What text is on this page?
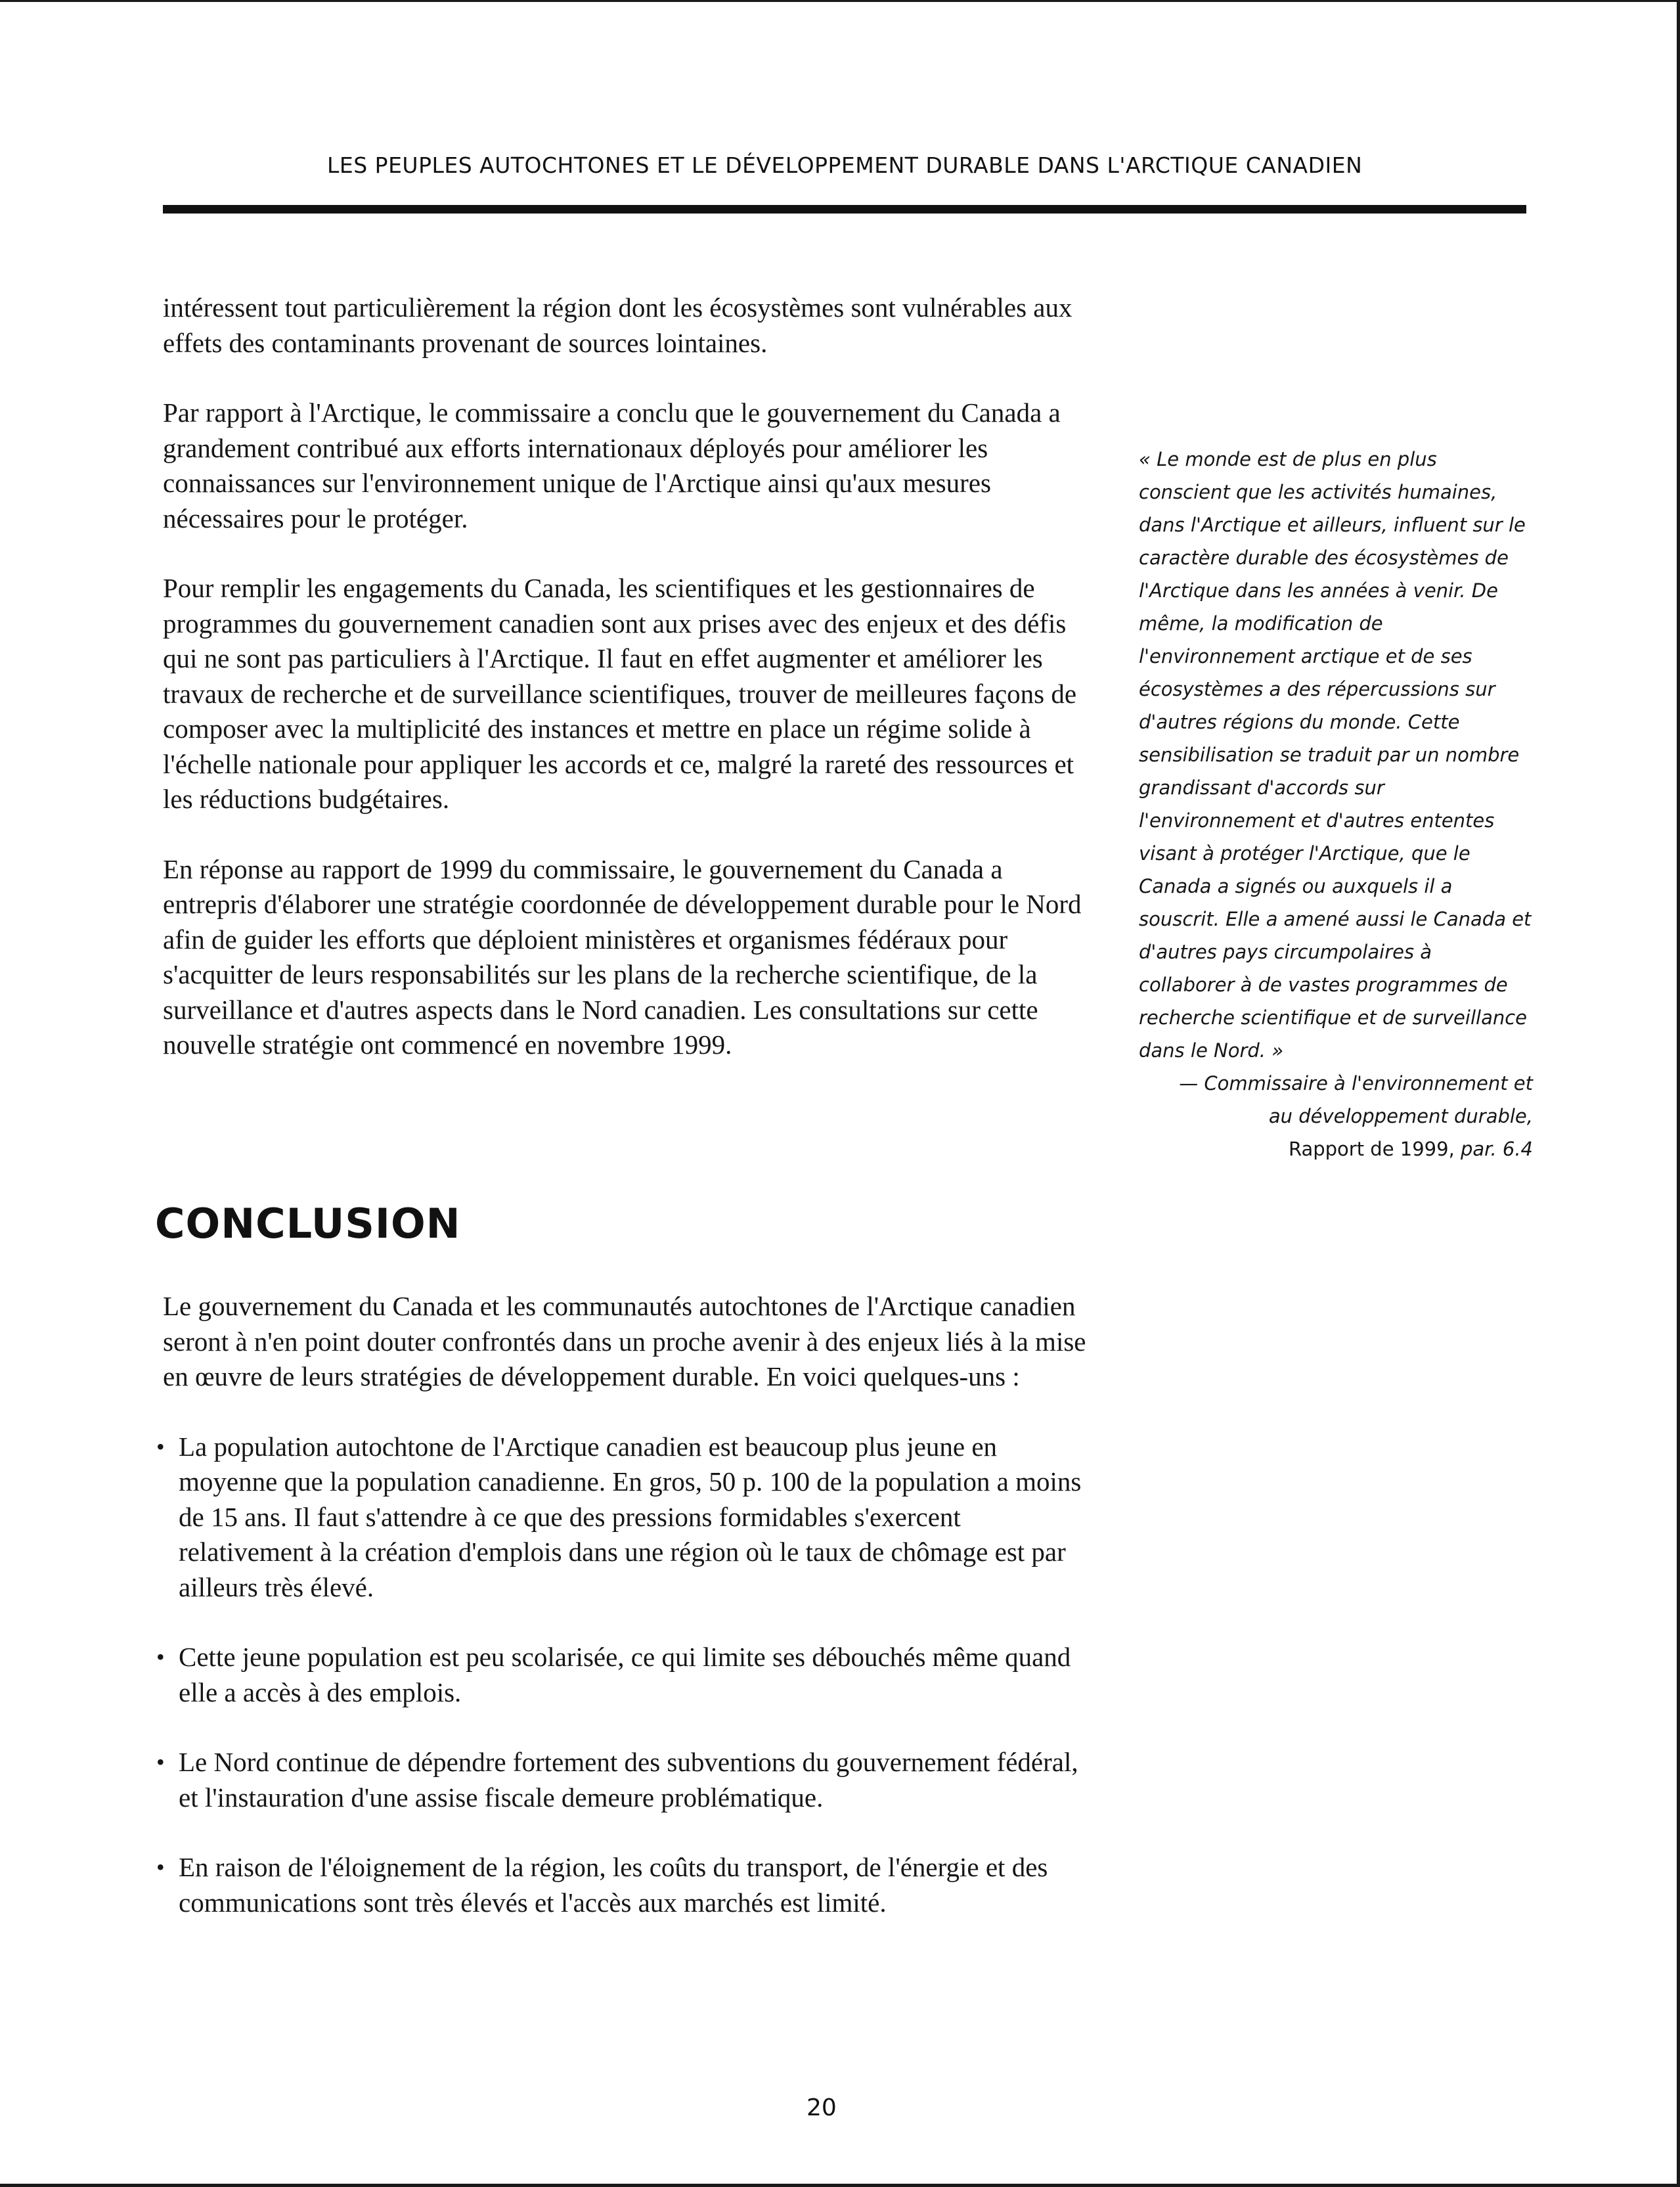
LES PEUPLES AUTOCHTONES ET LE DÉVELOPPEMENT DURABLE DANS L'ARCTIQUE CANADIEN

intéressent tout particulièrement la région dont les écosystèmes sont vulnérables aux effets des contaminants provenant de sources lointaines.

Par rapport à l'Arctique, le commissaire a conclu que le gouvernement du Canada a grandement contribué aux efforts internationaux déployés pour améliorer les connaissances sur l'environnement unique de l'Arctique ainsi qu'aux mesures nécessaires pour le protéger.

Pour remplir les engagements du Canada, les scientifiques et les gestionnaires de programmes du gouvernement canadien sont aux prises avec des enjeux et des défis qui ne sont pas particuliers à l'Arctique. Il faut en effet augmenter et améliorer les travaux de recherche et de surveillance scientifiques, trouver de meilleures façons de composer avec la multiplicité des instances et mettre en place un régime solide à l'échelle nationale pour appliquer les accords et ce, malgré la rareté des ressources et les réductions budgétaires.

En réponse au rapport de 1999 du commissaire, le gouvernement du Canada a entrepris d'élaborer une stratégie coordonnée de développement durable pour le Nord afin de guider les efforts que déploient ministères et organismes fédéraux pour s'acquitter de leurs responsabilités sur les plans de la recherche scientifique, de la surveillance et d'autres aspects dans le Nord canadien. Les consultations sur cette nouvelle stratégie ont commencé en novembre 1999.

CONCLUSION

Le gouvernement du Canada et les communautés autochtones de l'Arctique canadien seront à n'en point douter confrontés dans un proche avenir à des enjeux liés à la mise en œuvre de leurs stratégies de développement durable. En voici quelques-uns :

• La population autochtone de l'Arctique canadien est beaucoup plus jeune en moyenne que la population canadienne. En gros, 50 p. 100 de la population a moins de 15 ans. Il faut s'attendre à ce que des pressions formidables s'exercent relativement à la création d'emplois dans une région où le taux de chômage est par ailleurs très élevé.
• Cette jeune population est peu scolarisée, ce qui limite ses débouchés même quand elle a accès à des emplois.
• Le Nord continue de dépendre fortement des subventions du gouvernement fédéral, et l'instauration d'une assise fiscale demeure problématique.
• En raison de l'éloignement de la région, les coûts du transport, de l'énergie et des communications sont très élevés et l'accès aux marchés est limité.

« Le monde est de plus en plus conscient que les activités humaines, dans l'Arctique et ailleurs, influent sur le caractère durable des écosystèmes de l'Arctique dans les années à venir. De même, la modification de l'environnement arctique et de ses écosystèmes a des répercussions sur d'autres régions du monde. Cette sensibilisation se traduit par un nombre grandissant d'accords sur l'environnement et d'autres ententes visant à protéger l'Arctique, que le Canada a signés ou auxquels il a souscrit. Elle a amené aussi le Canada et d'autres pays circumpolaires à collaborer à de vastes programmes de recherche scientifique et de surveillance dans le Nord. »

— Commissaire à l'environnement et

au développement durable,

Rapport de 1999, par. 6.4

20
